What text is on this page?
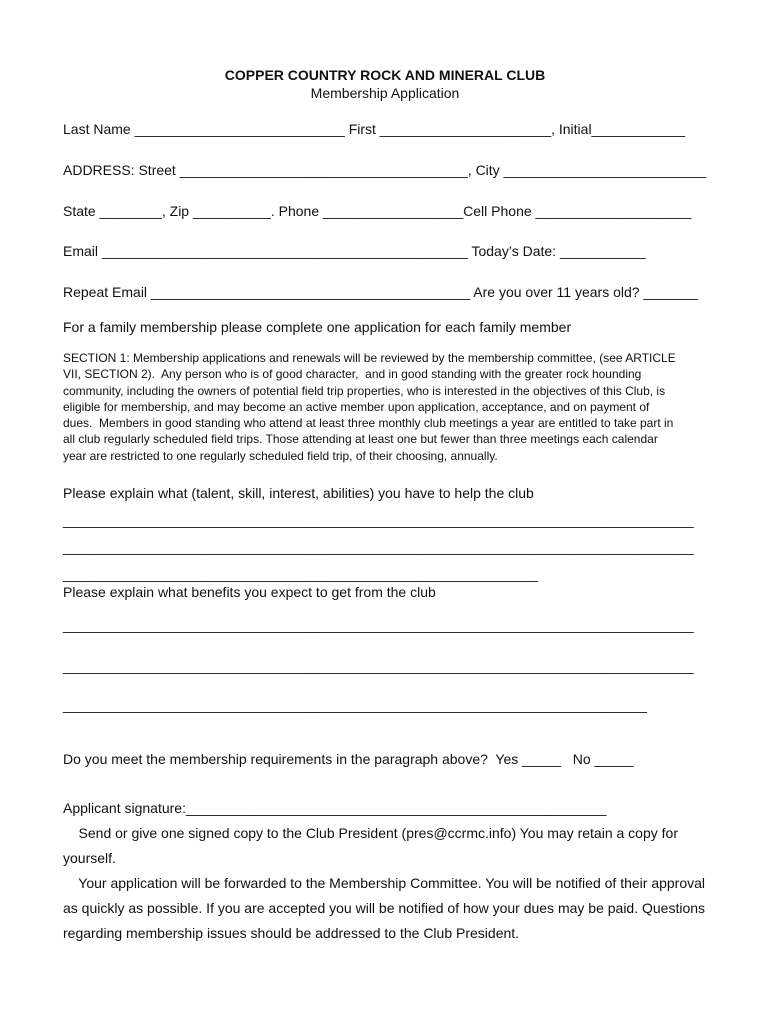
COPPER COUNTRY ROCK AND MINERAL CLUB
Membership Application
Last Name ___________________________ First ______________________, Initial____________
ADDRESS: Street _____________________________________, City __________________________
State ________, Zip __________. Phone __________________Cell Phone ____________________
Email _______________________________________________ Today’s Date: ___________
Repeat Email _________________________________________ Are you over 11 years old? _______
For a family membership please complete one application for each family member
SECTION 1: Membership applications and renewals will be reviewed by the membership committee, (see ARTICLE
VII, SECTION 2).  Any person who is of good character,  and in good standing with the greater rock hounding
community, including the owners of potential field trip properties, who is interested in the objectives of this Club, is
eligible for membership, and may become an active member upon application, acceptance, and on payment of
dues.  Members in good standing who attend at least three monthly club meetings a year are entitled to take part in
all club regularly scheduled field trips. Those attending at least one but fewer than three meetings each calendar
year are restricted to one regularly scheduled field trip, of their choosing, annually.
Please explain what (talent, skill, interest, abilities) you have to help the club
_________________________________________________________________________________
_________________________________________________________________________________
_____________________________________________________________
Please explain what benefits you expect to get from the club
_________________________________________________________________________________
_________________________________________________________________________________
___________________________________________________________________________
Do you meet the membership requirements in the paragraph above?  Yes _____   No _____
Applicant signature:______________________________________________________
Send or give one signed copy to the Club President (pres@ccrmc.info) You may retain a copy for
yourself.
Your application will be forwarded to the Membership Committee. You will be notified of their approval
as quickly as possible. If you are accepted you will be notified of how your dues may be paid. Questions
regarding membership issues should be addressed to the Club President.
